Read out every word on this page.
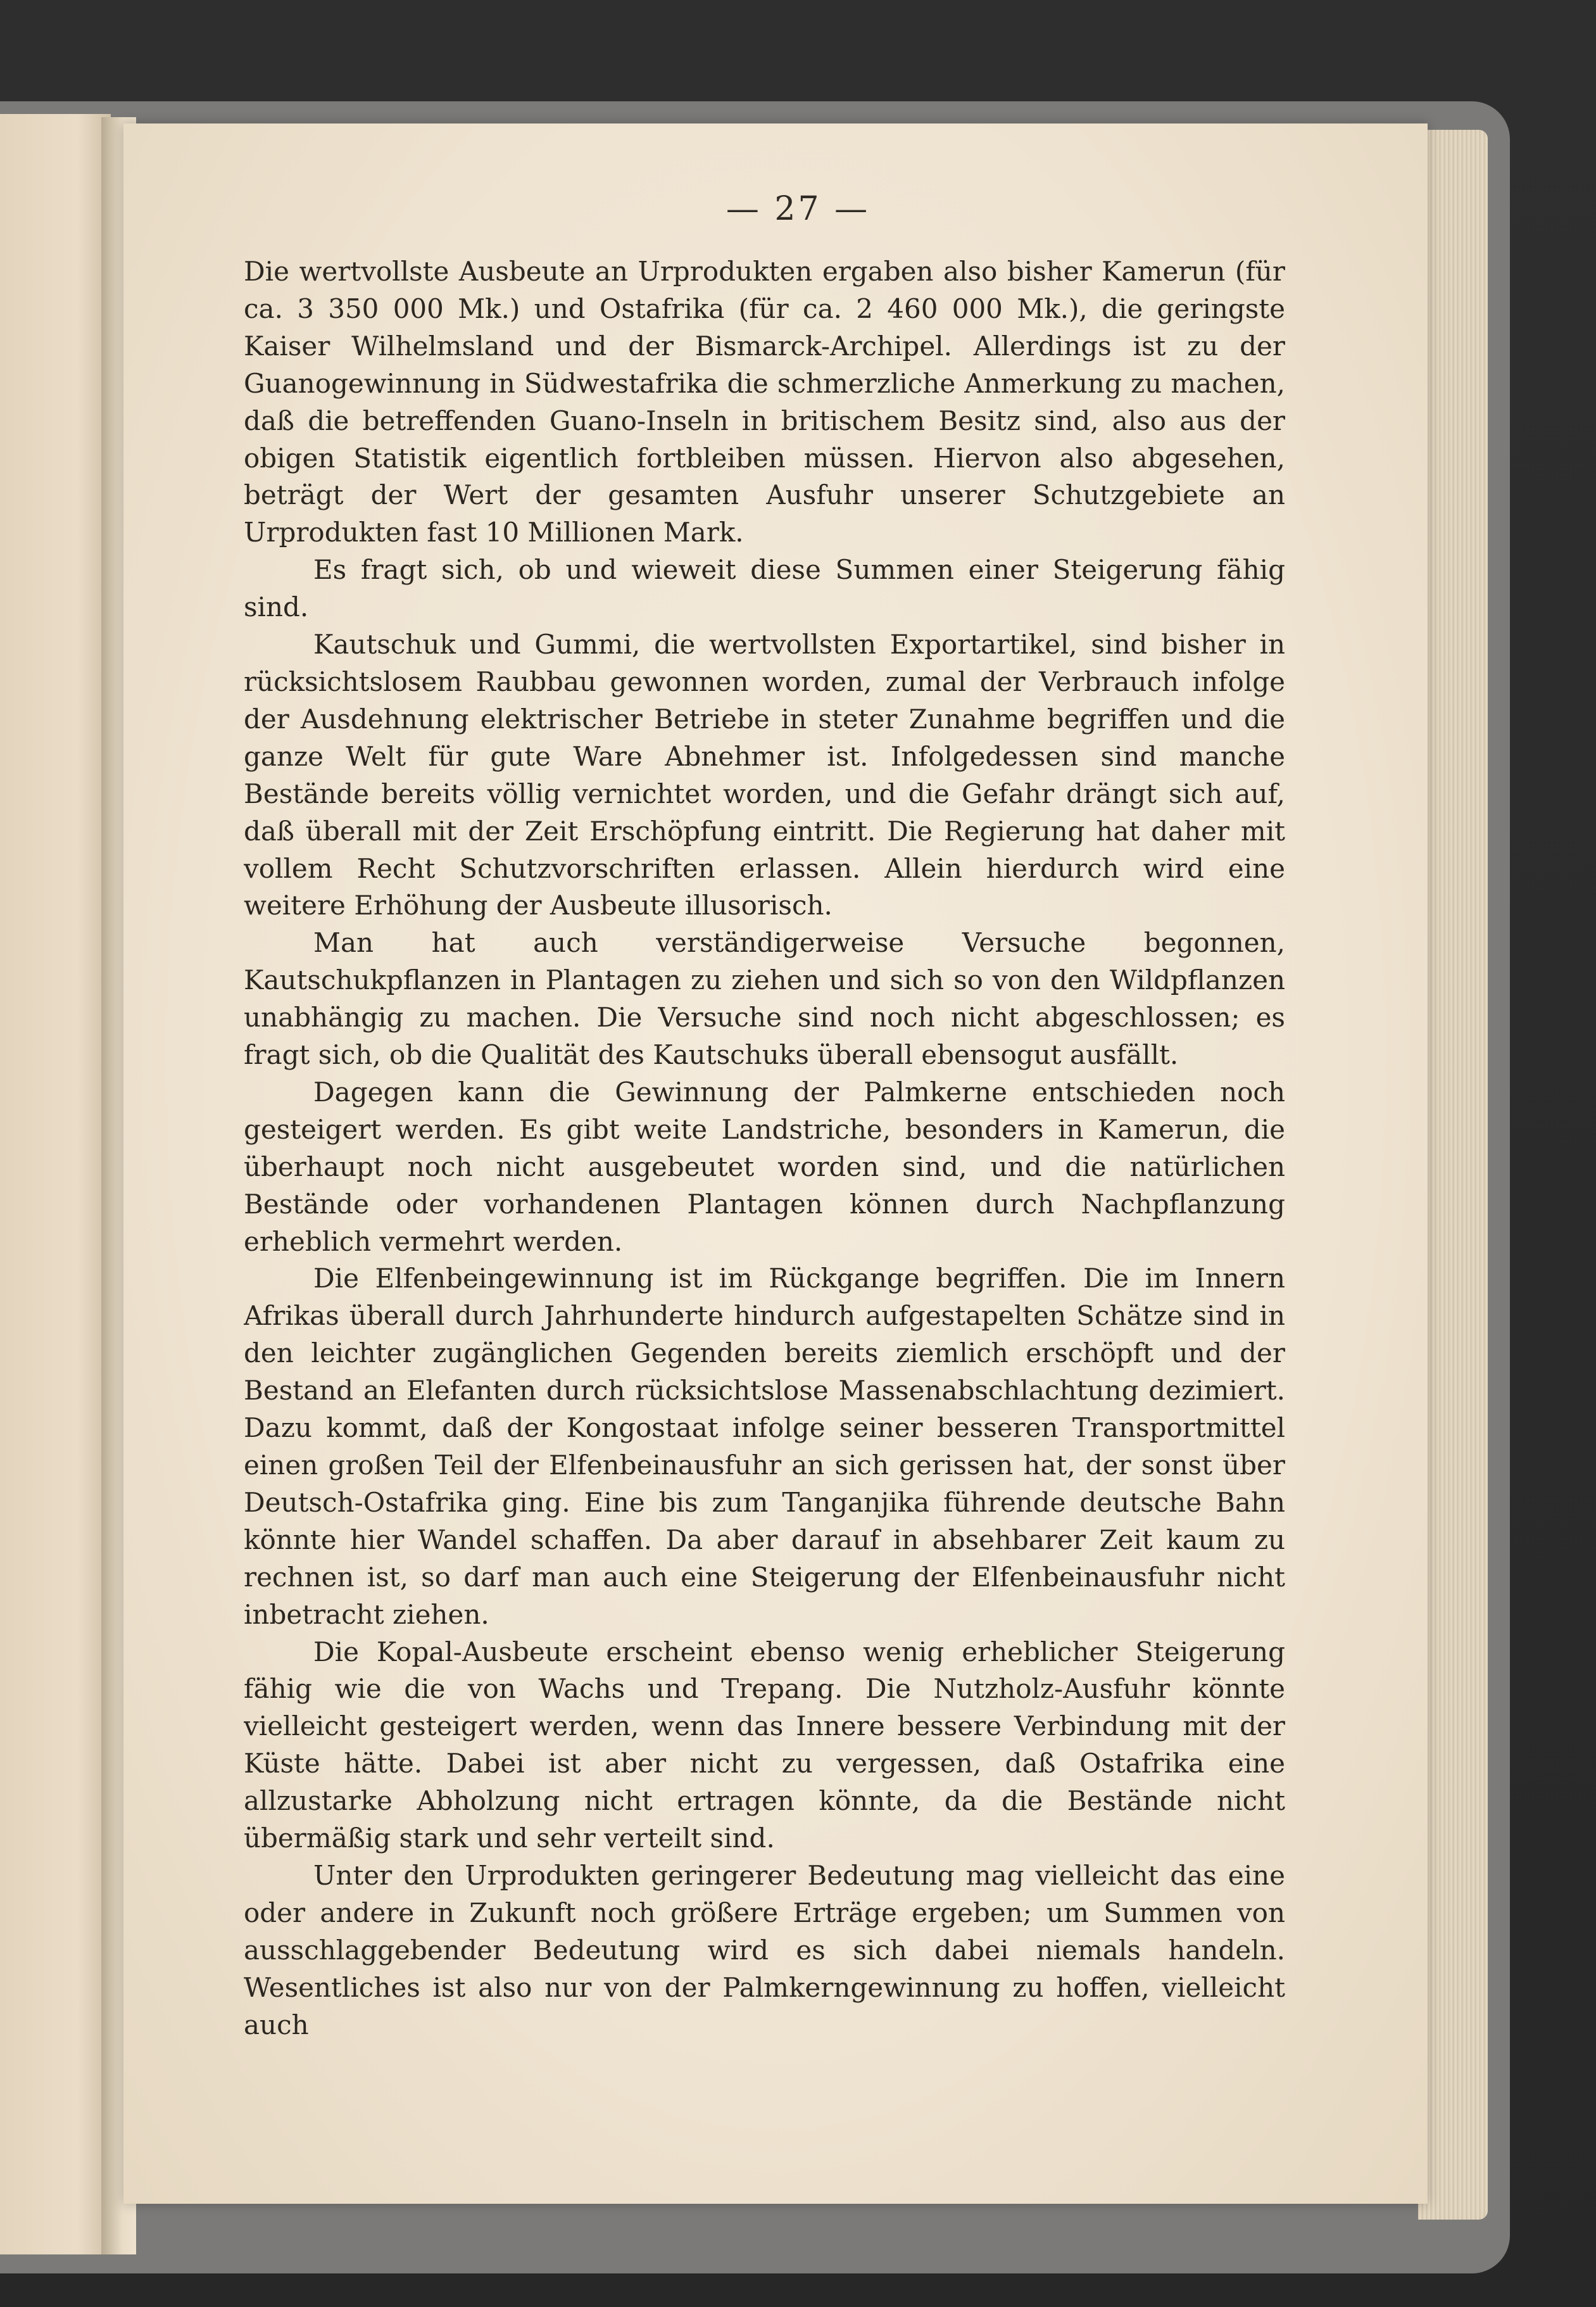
— 27 —

Die wertvollste Ausbeute an Urprodukten ergaben also bisher Kamerun (für ca. 3 350 000 Mk.) und Ostafrika (für ca. 2 460 000 Mk.), die geringste Kaiser Wilhelmsland und der Bismarck-Archipel. Allerdings ist zu der Guanogewinnung in Südwestafrika die schmerzliche Anmerkung zu machen, daß die betreffenden Guano-Inseln in britischem Besitz sind, also aus der obigen Statistik eigentlich fortbleiben müssen. Hiervon also abgesehen, beträgt der Wert der gesamten Ausfuhr unserer Schutzgebiete an Urprodukten fast 10 Millionen Mark.

Es fragt sich, ob und wieweit diese Summen einer Steigerung fähig sind.

Kautschuk und Gummi, die wertvollsten Exportartikel, sind bisher in rücksichtslosem Raubbau gewonnen worden, zumal der Verbrauch infolge der Ausdehnung elektrischer Betriebe in steter Zunahme begriffen und die ganze Welt für gute Ware Abnehmer ist. Infolgedessen sind manche Bestände bereits völlig vernichtet worden, und die Gefahr drängt sich auf, daß überall mit der Zeit Erschöpfung eintritt. Die Regierung hat daher mit vollem Recht Schutzvorschriften erlassen. Allein hierdurch wird eine weitere Erhöhung der Ausbeute illusorisch.

Man hat auch verständigerweise Versuche begonnen, Kautschukpflanzen in Plantagen zu ziehen und sich so von den Wildpflanzen unabhängig zu machen. Die Versuche sind noch nicht abgeschlossen; es fragt sich, ob die Qualität des Kautschuks überall ebensogut ausfällt.

Dagegen kann die Gewinnung der Palmkerne entschieden noch gesteigert werden. Es gibt weite Landstriche, besonders in Kamerun, die überhaupt noch nicht ausgebeutet worden sind, und die natürlichen Bestände oder vorhandenen Plantagen können durch Nachpflanzung erheblich vermehrt werden.

Die Elfenbeingewinnung ist im Rückgange begriffen. Die im Innern Afrikas überall durch Jahrhunderte hindurch aufgestapelten Schätze sind in den leichter zugänglichen Gegenden bereits ziemlich erschöpft und der Bestand an Elefanten durch rücksichtslose Massenabschlachtung dezimiert. Dazu kommt, daß der Kongostaat infolge seiner besseren Transportmittel einen großen Teil der Elfenbeinausfuhr an sich gerissen hat, der sonst über Deutsch-Ostafrika ging. Eine bis zum Tanganjika führende deutsche Bahn könnte hier Wandel schaffen. Da aber darauf in absehbarer Zeit kaum zu rechnen ist, so darf man auch eine Steigerung der Elfenbeinausfuhr nicht inbetracht ziehen.

Die Kopal-Ausbeute erscheint ebenso wenig erheblicher Steigerung fähig wie die von Wachs und Trepang. Die Nutzholz-Ausfuhr könnte vielleicht gesteigert werden, wenn das Innere bessere Verbindung mit der Küste hätte. Dabei ist aber nicht zu vergessen, daß Ostafrika eine allzustarke Abholzung nicht ertragen könnte, da die Bestände nicht übermäßig stark und sehr verteilt sind.

Unter den Urprodukten geringerer Bedeutung mag vielleicht das eine oder andere in Zukunft noch größere Erträge ergeben; um Summen von ausschlaggebender Bedeutung wird es sich dabei niemals handeln. Wesentliches ist also nur von der Palmkerngewinnung zu hoffen, vielleicht auch
